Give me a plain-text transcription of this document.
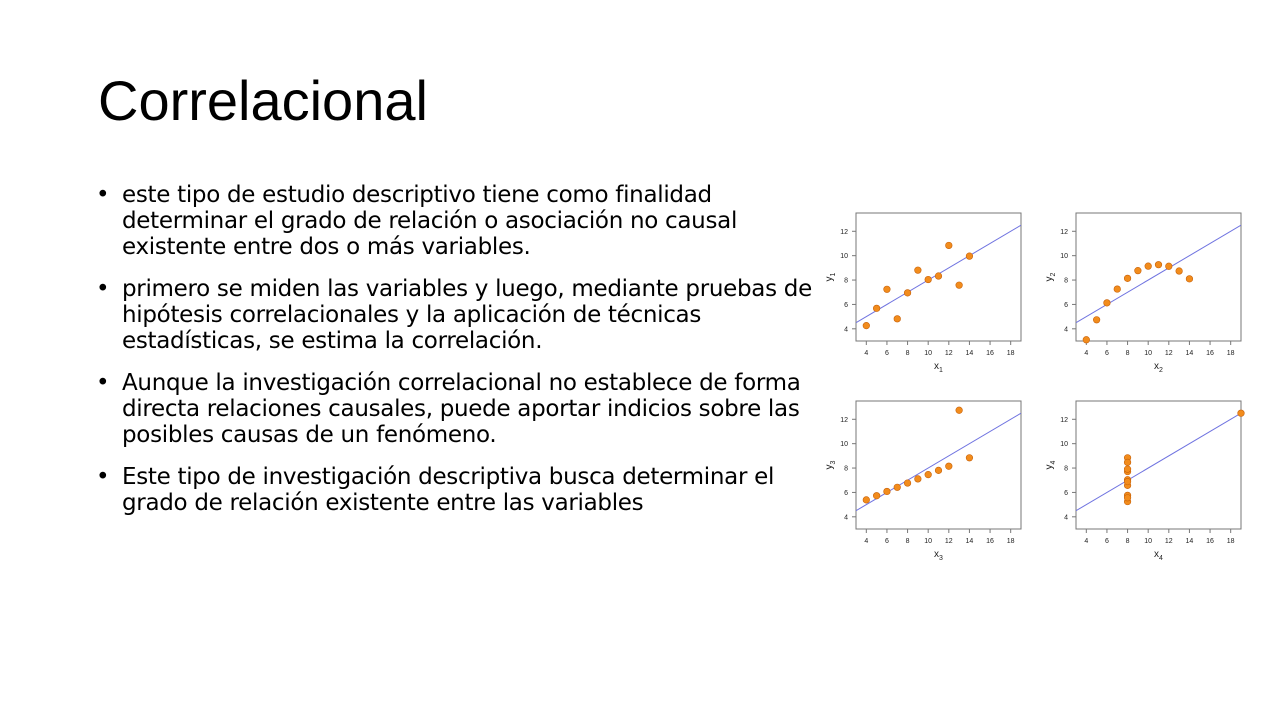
Correlacional
• este tipo de estudio descriptivo tiene como finalidad determinar el grado de relación o asociación no causal existente entre dos o más variables.
• primero se miden las variables y luego, mediante pruebas de hipótesis correlacionales y la aplicación de técnicas estadísticas, se estima la correlación.
• Aunque la investigación correlacional no establece de forma directa relaciones causales, puede aportar indicios sobre las posibles causas de un fenómeno.
• Este tipo de investigación descriptiva busca determinar el grado de relación existente entre las variables
4 6 8 10 12 14 16 18
4
6
8
10
12
$x_1$
$y_1$
4 6 8 10 12 14 16 18
4
6
8
10
12
$x_2$
$y_2$
4 6 8 10 12 14 16 18
4
6
8
10
12
$x_3$
$y_3$
4 6 8 10 12 14 16 18
4
6
8
10
12
$x_4$
$y_4$
